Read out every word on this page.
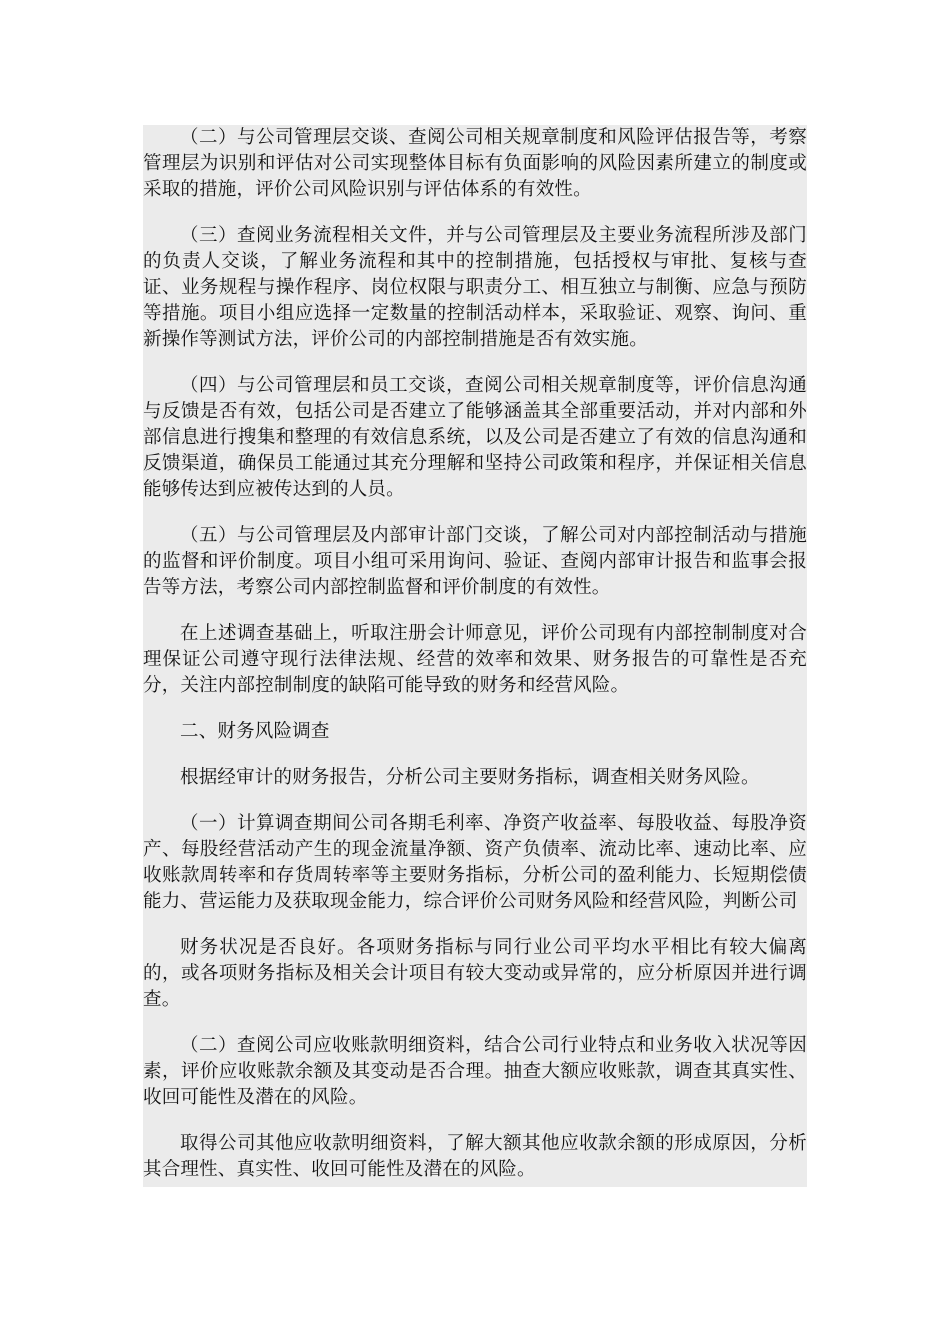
（二）与公司管理层交谈、查阅公司相关规章制度和风险评估报告等，考察管理层为识别和评估对公司实现整体目标有负面影响的风险因素所建立的制度或采取的措施，评价公司风险识别与评估体系的有效性。

（三）查阅业务流程相关文件，并与公司管理层及主要业务流程所涉及部门的负责人交谈，了解业务流程和其中的控制措施，包括授权与审批、复核与查证、业务规程与操作程序、岗位权限与职责分工、相互独立与制衡、应急与预防等措施。项目小组应选择一定数量的控制活动样本，采取验证、观察、询问、重新操作等测试方法，评价公司的内部控制措施是否有效实施。

（四）与公司管理层和员工交谈，查阅公司相关规章制度等，评价信息沟通与反馈是否有效，包括公司是否建立了能够涵盖其全部重要活动，并对内部和外部信息进行搜集和整理的有效信息系统，以及公司是否建立了有效的信息沟通和反馈渠道，确保员工能通过其充分理解和坚持公司政策和程序，并保证相关信息能够传达到应被传达到的人员。

（五）与公司管理层及内部审计部门交谈，了解公司对内部控制活动与措施的监督和评价制度。项目小组可采用询问、验证、查阅内部审计报告和监事会报告等方法，考察公司内部控制监督和评价制度的有效性。

在上述调查基础上，听取注册会计师意见，评价公司现有内部控制制度对合理保证公司遵守现行法律法规、经营的效率和效果、财务报告的可靠性是否充分，关注内部控制制度的缺陷可能导致的财务和经营风险。

二、财务风险调查

根据经审计的财务报告，分析公司主要财务指标，调查相关财务风险。

（一）计算调查期间公司各期毛利率、净资产收益率、每股收益、每股净资产、每股经营活动产生的现金流量净额、资产负债率、流动比率、速动比率、应收账款周转率和存货周转率等主要财务指标，分析公司的盈利能力、长短期偿债能力、营运能力及获取现金能力，综合评价公司财务风险和经营风险，判断公司

财务状况是否良好。各项财务指标与同行业公司平均水平相比有较大偏离的，或各项财务指标及相关会计项目有较大变动或异常的，应分析原因并进行调查。

（二）查阅公司应收账款明细资料，结合公司行业特点和业务收入状况等因素，评价应收账款余额及其变动是否合理。抽查大额应收账款，调查其真实性、收回可能性及潜在的风险。

取得公司其他应收款明细资料，了解大额其他应收款余额的形成原因，分析其合理性、真实性、收回可能性及潜在的风险。
